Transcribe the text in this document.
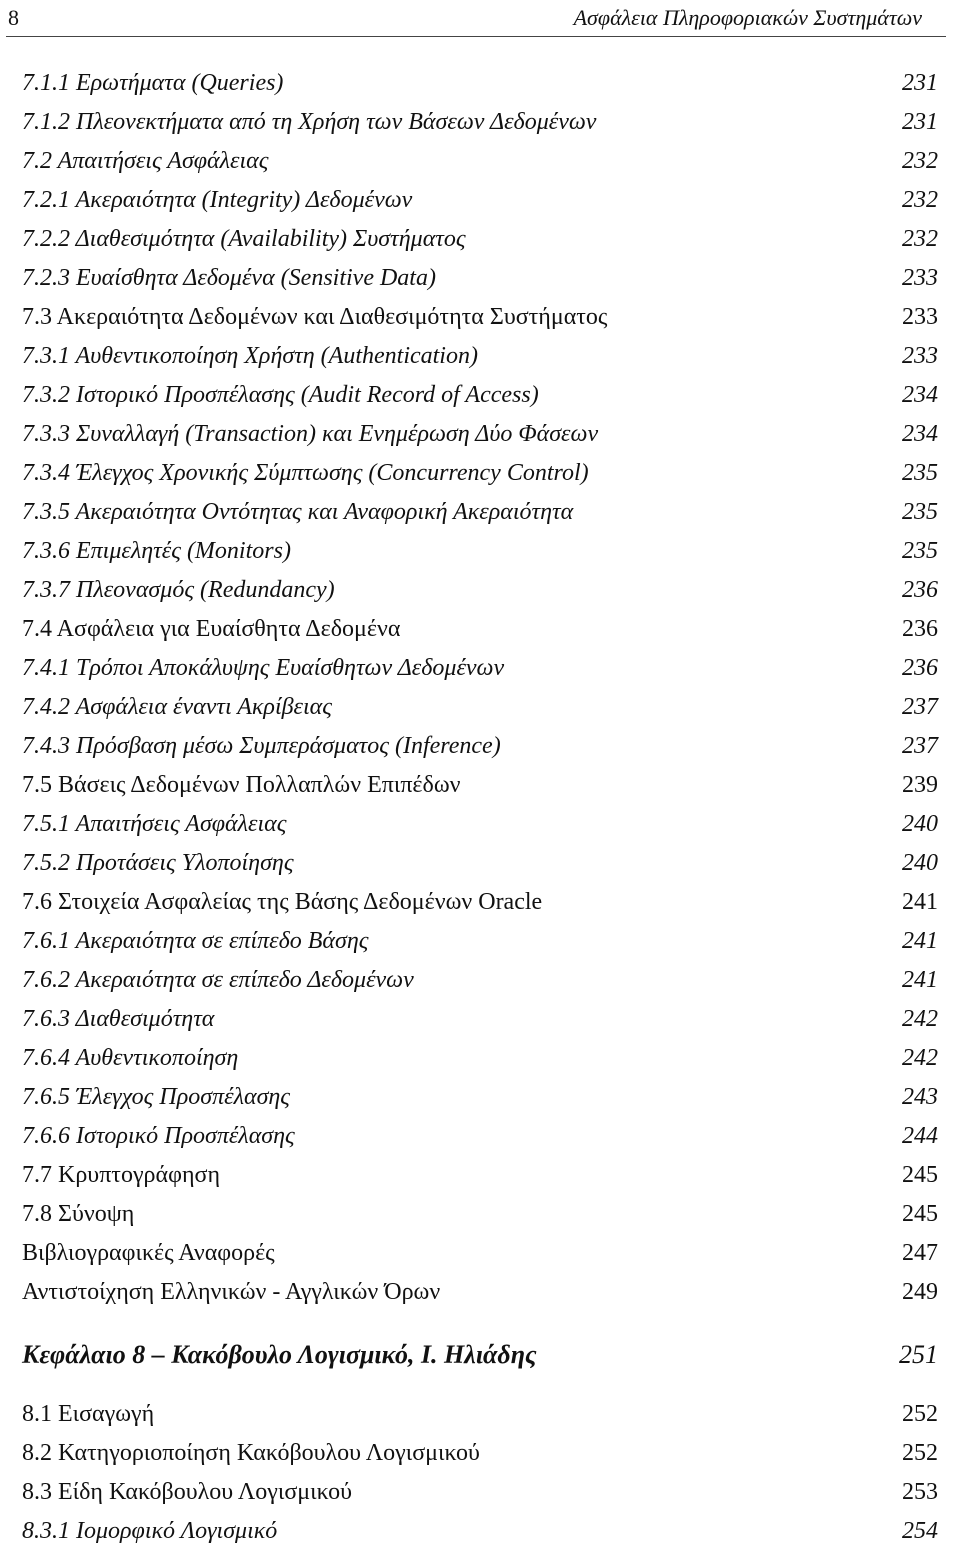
8	Ασφάλεια Πληροφοριακών Συστημάτων
7.1.1 Ερωτήματα (Queries)	231
7.1.2 Πλεονεκτήματα από τη Χρήση των Βάσεων Δεδομένων	231
7.2 Απαιτήσεις Ασφάλειας	232
7.2.1 Ακεραιότητα (Integrity) Δεδομένων	232
7.2.2 Διαθεσιμότητα (Availability) Συστήματος	232
7.2.3 Ευαίσθητα Δεδομένα (Sensitive Data)	233
7.3 Ακεραιότητα Δεδομένων και Διαθεσιμότητα Συστήματος	233
7.3.1 Αυθεντικοποίηση Χρήστη (Authentication)	233
7.3.2 Ιστορικό Προσπέλασης (Audit Record of Access)	234
7.3.3 Συναλλαγή (Transaction) και Ενημέρωση Δύο Φάσεων	234
7.3.4 Έλεγχος Χρονικής Σύμπτωσης (Concurrency Control)	235
7.3.5 Ακεραιότητα Οντότητας και Αναφορική Ακεραιότητα	235
7.3.6 Επιμελητές (Monitors)	235
7.3.7 Πλεονασμός (Redundancy)	236
7.4 Ασφάλεια για Ευαίσθητα Δεδομένα	236
7.4.1 Τρόποι Αποκάλυψης Ευαίσθητων Δεδομένων	236
7.4.2 Ασφάλεια έναντι Ακρίβειας	237
7.4.3 Πρόσβαση μέσω Συμπεράσματος (Inference)	237
7.5 Βάσεις Δεδομένων Πολλαπλών Επιπέδων	239
7.5.1 Απαιτήσεις Ασφάλειας	240
7.5.2 Προτάσεις Υλοποίησης	240
7.6 Στοιχεία Ασφαλείας της Βάσης Δεδομένων Oracle	241
7.6.1 Ακεραιότητα σε επίπεδο Βάσης	241
7.6.2 Ακεραιότητα σε επίπεδο Δεδομένων	241
7.6.3 Διαθεσιμότητα	242
7.6.4 Αυθεντικοποίηση	242
7.6.5 Έλεγχος Προσπέλασης	243
7.6.6 Ιστορικό Προσπέλασης	244
7.7 Κρυπτογράφηση	245
7.8 Σύνοψη	245
Βιβλιογραφικές Αναφορές	247
Αντιστοίχηση Ελληνικών - Αγγλικών Όρων	249
Κεφάλαιο 8 – Κακόβουλο Λογισμικό, Ι. Ηλιάδης	251
8.1 Εισαγωγή	252
8.2 Κατηγοριοποίηση Κακόβουλου Λογισμικού	252
8.3 Είδη Κακόβουλου Λογισμικού	253
8.3.1 Ιομορφικό Λογισμικό	254
